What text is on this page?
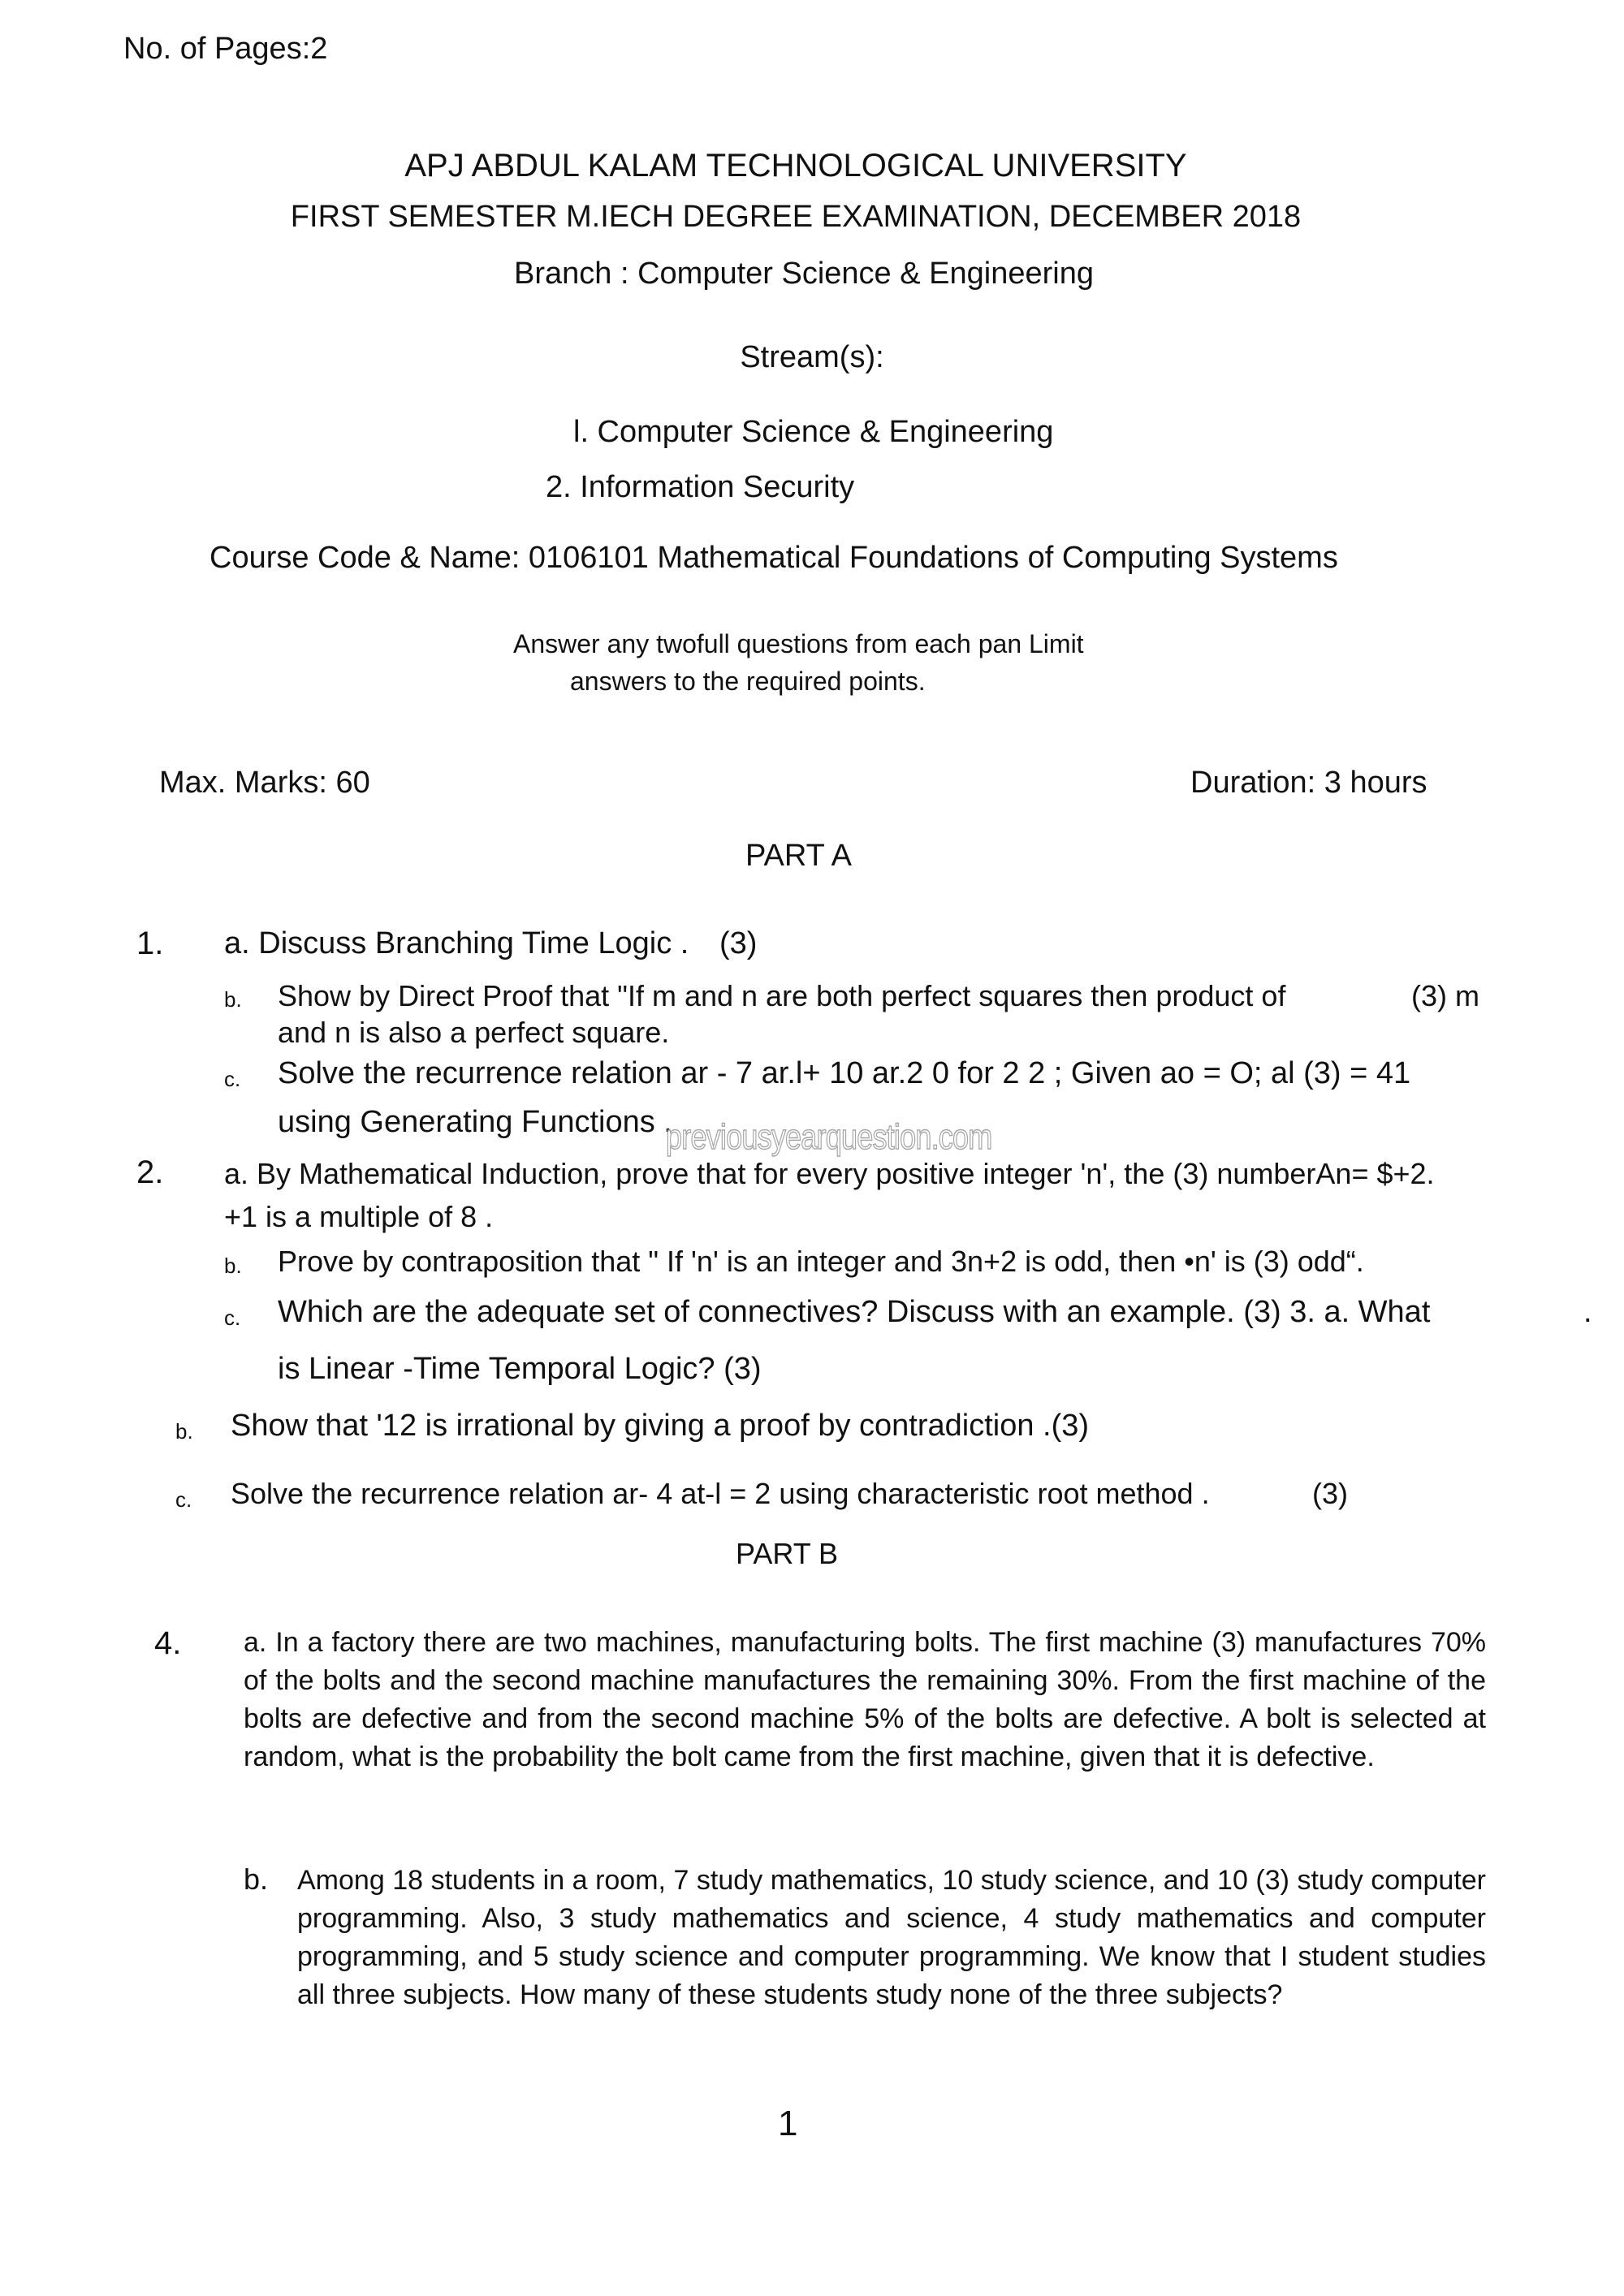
No. of Pages:2
APJ ABDUL KALAM TECHNOLOGICAL UNIVERSITY
FIRST SEMESTER M.IECH DEGREE EXAMINATION, DECEMBER 2018
Branch : Computer Science & Engineering
Stream(s):
l. Computer Science & Engineering
2. Information Security
Course Code & Name: 0106101 Mathematical Foundations of Computing Systems
Answer any twofull questions from each pan Limit
answers to the required points.
Max. Marks: 60	Duration: 3 hours
PART A
1. a. Discuss Branching Time Logic . (3)
b. Show by Direct Proof that "If m and n are both perfect squares then product of	(3) m
and n is also a perfect square.
c. Solve the recurrence relation ar - 7 ar.l+ 10 ar.2 0 for 2 2 ; Given ao = O; al (3) = 41
using Generating Functions .
previousyearquestion.com
2. a. By Mathematical Induction, prove that for every positive integer 'n', the (3) numberAn= $+2.
+1 is a multiple of 8 .
b. Prove by contraposition that " If 'n' is an integer and 3n+2 is odd, then •n' is (3) odd“.
c. Which are the adequate set of connectives? Discuss with an example. (3) 3. a. What	.
is Linear -Time Temporal Logic? (3)
b. Show that '12 is irrational by giving a proof by contradiction .(3)
c. Solve the recurrence relation ar- 4 at-l = 2 using characteristic root method .	(3)
PART B
4. a. In a factory there are two machines, manufacturing bolts. The first machine (3) manufactures 70% of the bolts and the second machine manufactures the remaining 30%. From the first machine of the bolts are defective and from the second machine 5% of the bolts are defective. A bolt is selected at random, what is the probability the bolt came from the first machine, given that it is defective.
b. Among 18 students in a room, 7 study mathematics, 10 study science, and 10 (3) study computer programming. Also, 3 study mathematics and science, 4 study mathematics and computer programming, and 5 study science and computer programming. We know that I student studies all three subjects. How many of these students study none of the three subjects?
1
